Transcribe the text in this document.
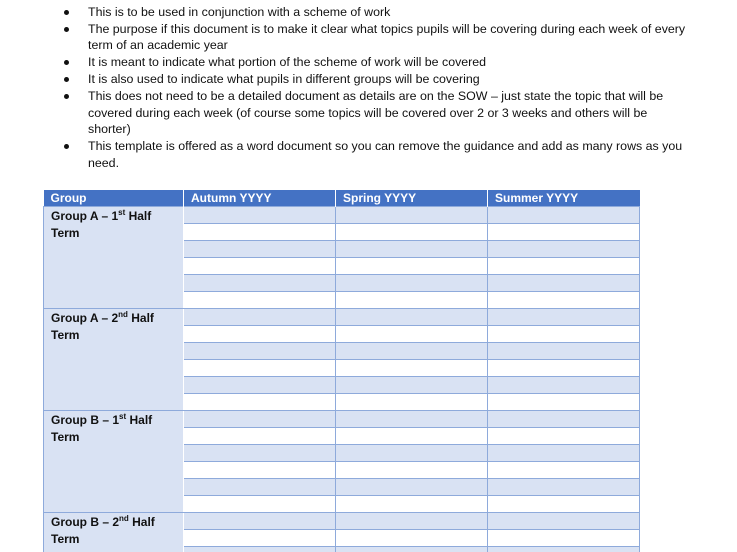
This is to be used in conjunction with a scheme of work
The purpose if this document is to make it clear what topics pupils will be covering during each week of every term of an academic year
It is meant to indicate what portion of the scheme of work will be covered
It is also used to indicate what pupils in different groups will be covering
This does not need to be a detailed document as details are on the SOW – just state the topic that will be covered during each week (of course some topics will be covered over 2 or 3 weeks and others will be shorter)
This template is offered as a word document so you can remove the guidance and add as many rows as you need.
Group	Autumn YYYY	Spring YYYY	Summer YYYY

Group A – 1st Half Term			

Group A – 2nd Half Term			

Group B – 1st Half Term			

Group B – 2nd Half Term			
